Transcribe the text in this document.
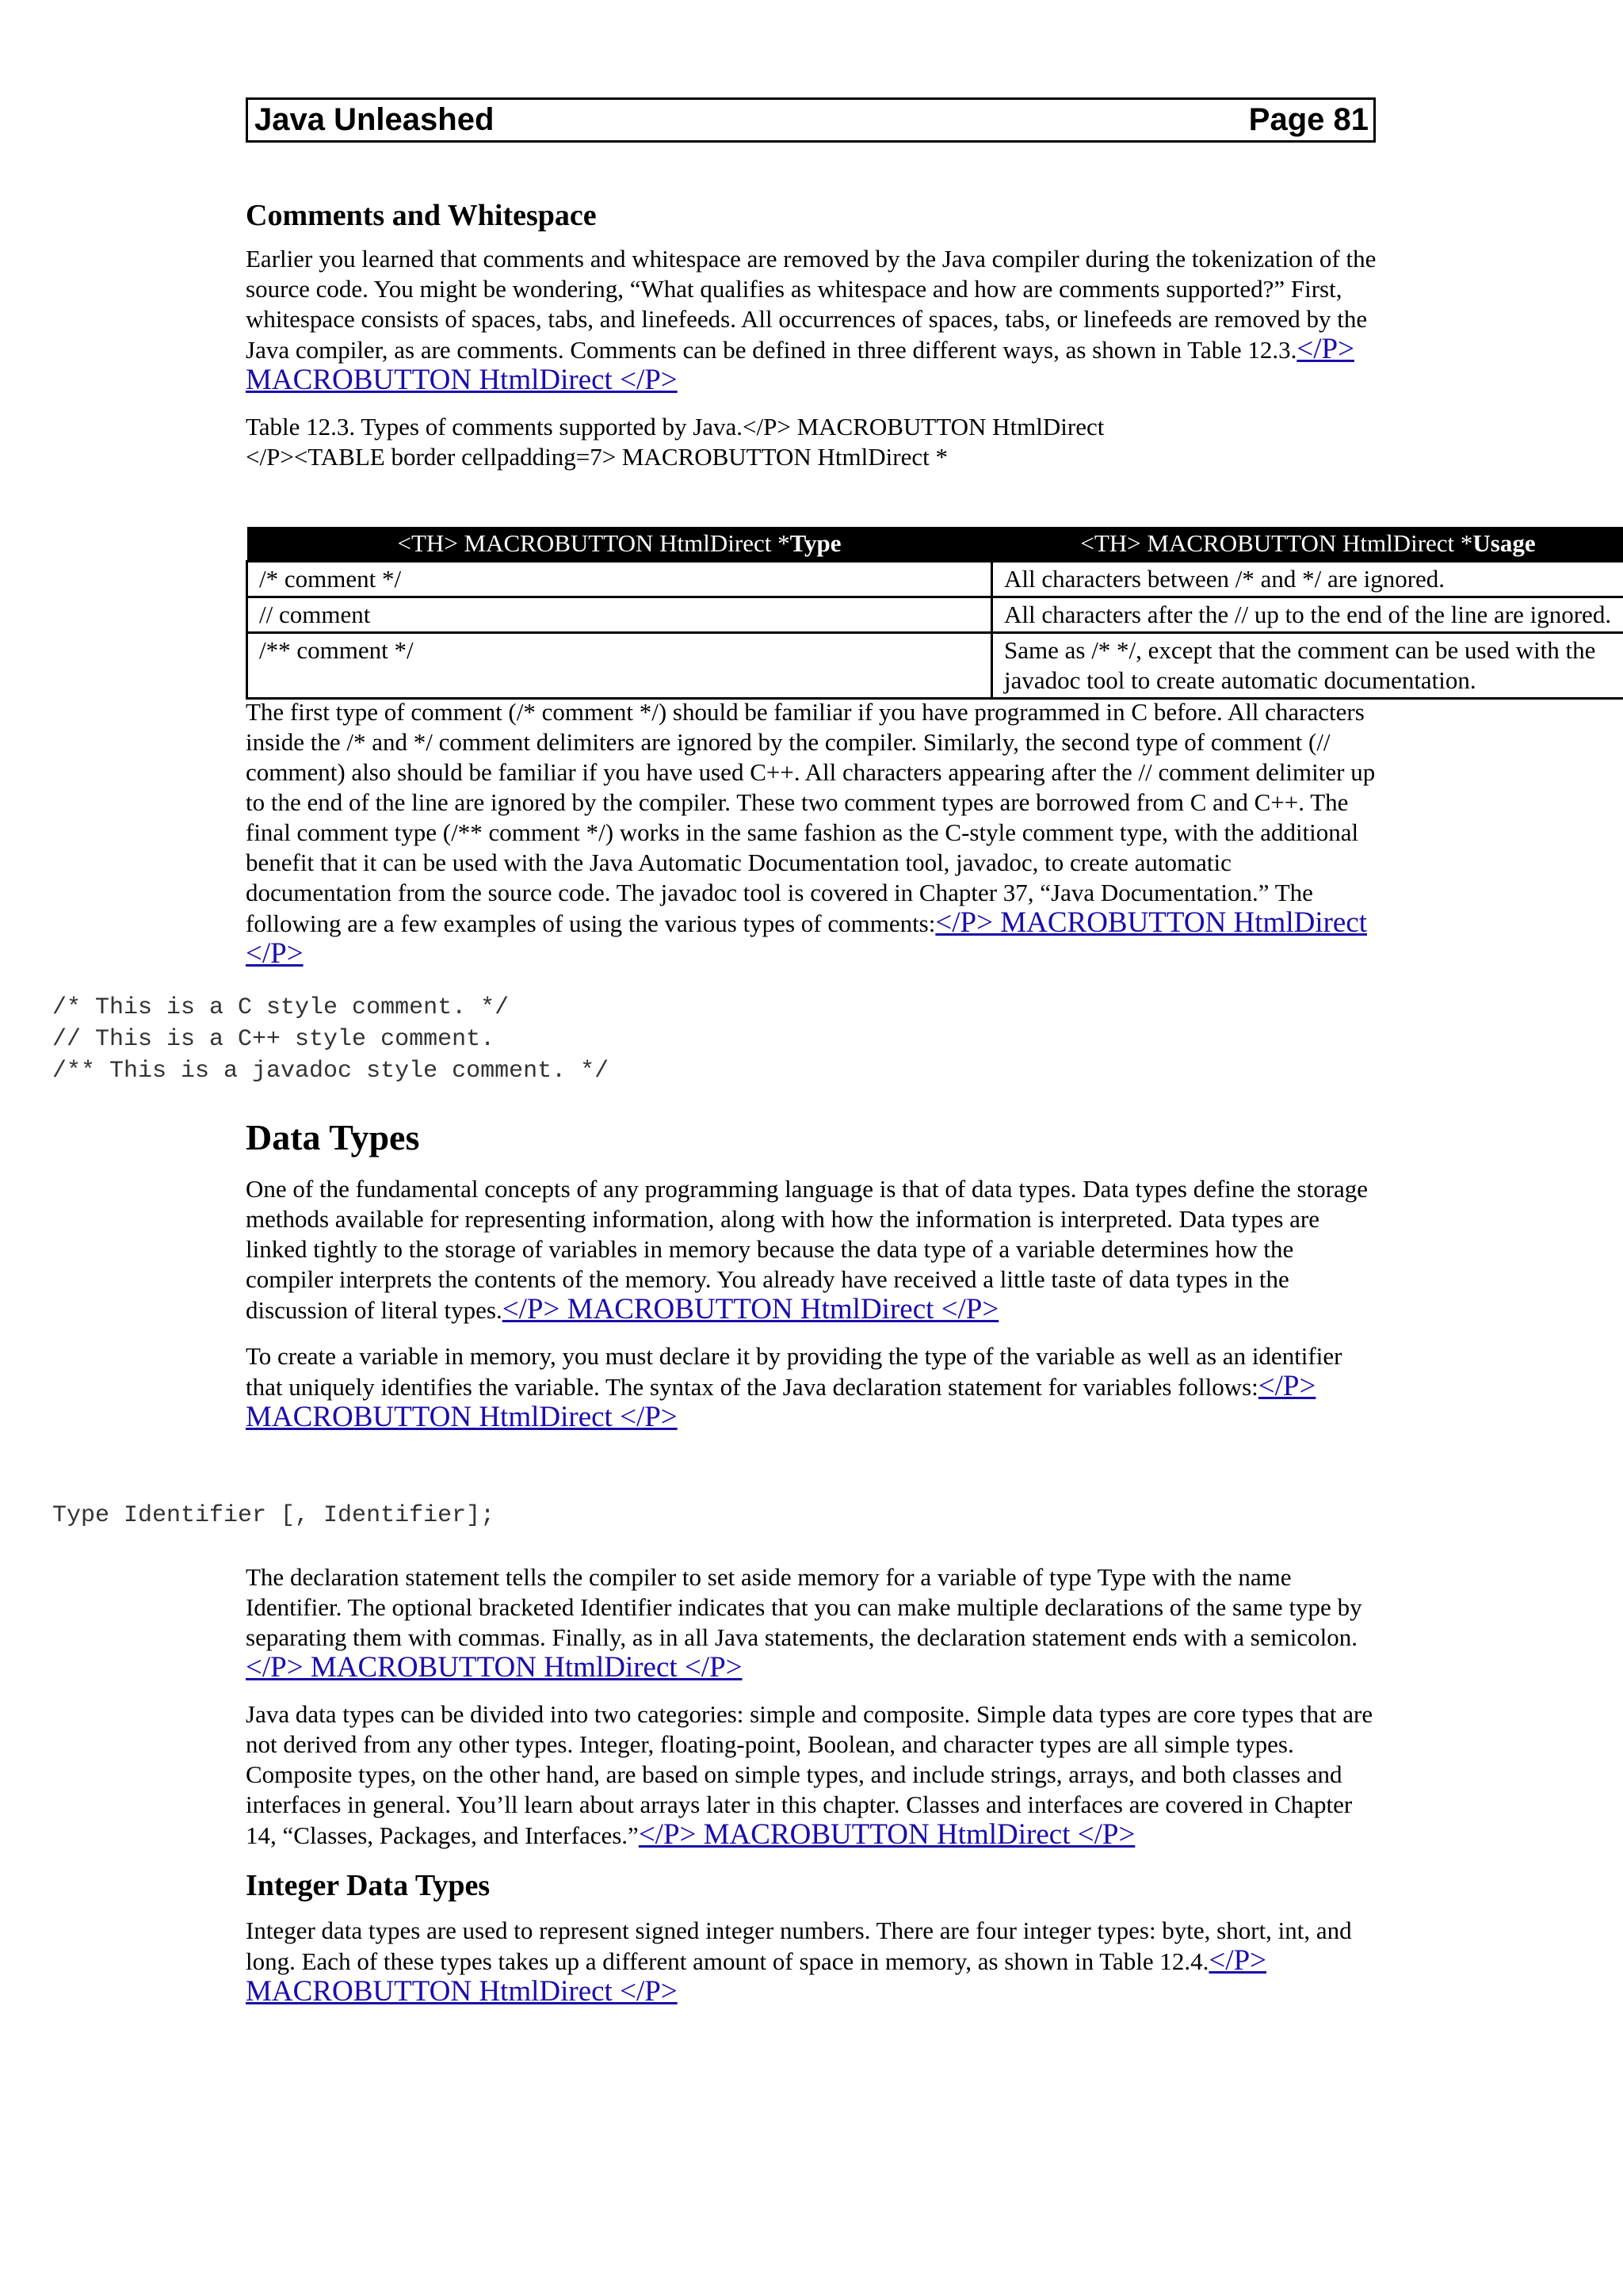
Java Unleashed	Page 81
Comments and Whitespace

Earlier you learned that comments and whitespace are removed by the Java compiler during the tokenization of the source code. You might be wondering, “What qualifies as whitespace and how are comments supported?” First, whitespace consists of spaces, tabs, and linefeeds. All occurrences of spaces, tabs, or linefeeds are removed by the Java compiler, as are comments. Comments can be defined in three different ways, as shown in Table 12.3.</P> MACROBUTTON HtmlDirect </P>

Table 12.3. Types of comments supported by Java.</P> MACROBUTTON HtmlDirect
</P><TABLE border cellpadding=7> MACROBUTTON HtmlDirect *

<TH> MACROBUTTON HtmlDirect *Type	<TH> MACROBUTTON HtmlDirect *Usage
/* comment */	All characters between /* and */ are ignored.
// comment	All characters after the // up to the end of the line are ignored.
/** comment */	Same as /* */, except that the comment can be used with the
javadoc tool to create automatic documentation.

The first type of comment (/* comment */) should be familiar if you have programmed in C before. All characters inside the /* and */ comment delimiters are ignored by the compiler. Similarly, the second type of comment (// comment) also should be familiar if you have used C++. All characters appearing after the // comment delimiter up to the end of the line are ignored by the compiler. These two comment types are borrowed from C and C++. The final comment type (/** comment */) works in the same fashion as the C-style comment type, with the additional benefit that it can be used with the Java Automatic Documentation tool, javadoc, to create automatic documentation from the source code. The javadoc tool is covered in Chapter 37, “Java Documentation.” The following are a few examples of using the various types of comments:</P> MACROBUTTON HtmlDirect </P>

/* This is a C style comment. */
// This is a C++ style comment.
/** This is a javadoc style comment. */
Data Types

One of the fundamental concepts of any programming language is that of data types. Data types define the storage methods available for representing information, along with how the information is interpreted. Data types are linked tightly to the storage of variables in memory because the data type of a variable determines how the compiler interprets the contents of the memory. You already have received a little taste of data types in the discussion of literal types.</P> MACROBUTTON HtmlDirect </P>

To create a variable in memory, you must declare it by providing the type of the variable as well as an identifier that uniquely identifies the variable. The syntax of the Java declaration statement for variables follows:</P> MACROBUTTON HtmlDirect </P>

Type Identifier [, Identifier];

The declaration statement tells the compiler to set aside memory for a variable of type Type with the name Identifier. The optional bracketed Identifier indicates that you can make multiple declarations of the same type by separating them with commas. Finally, as in all Java statements, the declaration statement ends with a semicolon.</P> MACROBUTTON HtmlDirect </P>

Java data types can be divided into two categories: simple and composite. Simple data types are core types that are not derived from any other types. Integer, floating-point, Boolean, and character types are all simple types. Composite types, on the other hand, are based on simple types, and include strings, arrays, and both classes and interfaces in general. You’ll learn about arrays later in this chapter. Classes and interfaces are covered in Chapter 14, “Classes, Packages, and Interfaces.”</P> MACROBUTTON HtmlDirect </P>

Integer Data Types

Integer data types are used to represent signed integer numbers. There are four integer types: byte, short, int, and long. Each of these types takes up a different amount of space in memory, as shown in Table 12.4.</P> MACROBUTTON HtmlDirect </P>
